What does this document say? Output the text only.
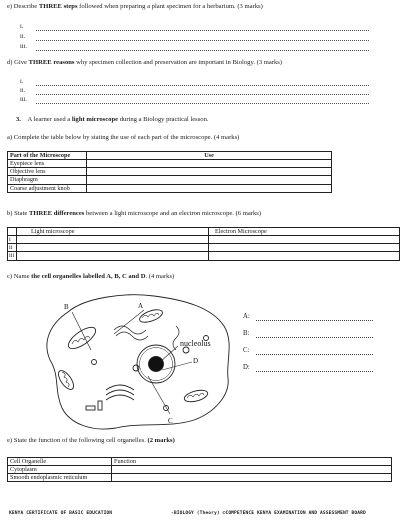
e) Describe THREE steps followed when preparing a plant specimen for a herbarium. (3 marks)
i.
ii.
iii.
d) Give THREE reasons why specimen collection and preservation are important in Biology. (3 marks)
i.
ii.
iii.
3. A learner used a light microscope during a Biology practical lesson.
a) Complete the table below by stating the use of each part of the microscope. (4 marks)
Part of the Microscope	Use
Eyepiece lens	
Objective lens	
Diaphragm	
Coarse adjustment knob	
b) State THREE differences between a light microscope and an electron microscope. (6 marks)
	Light microscope	Electron Microscope
i		
ii		
iii		
c) Name the cell organelles labelled A, B, C and D. (4 marks)
B	A
nucleolus
D
C
A:
B:
C:
D:
e) State the function of the following cell organelles. (2 marks)
Cell Organelle	Function
Cytoplasm	
Smooth endoplasmic reticulum	
KENYA CERTIFICATE OF BASIC EDUCATION	-BIOLOGY (Theory) ©COMPETENCE KENYA EXAMINATION AND ASSESSMENT BOARD
